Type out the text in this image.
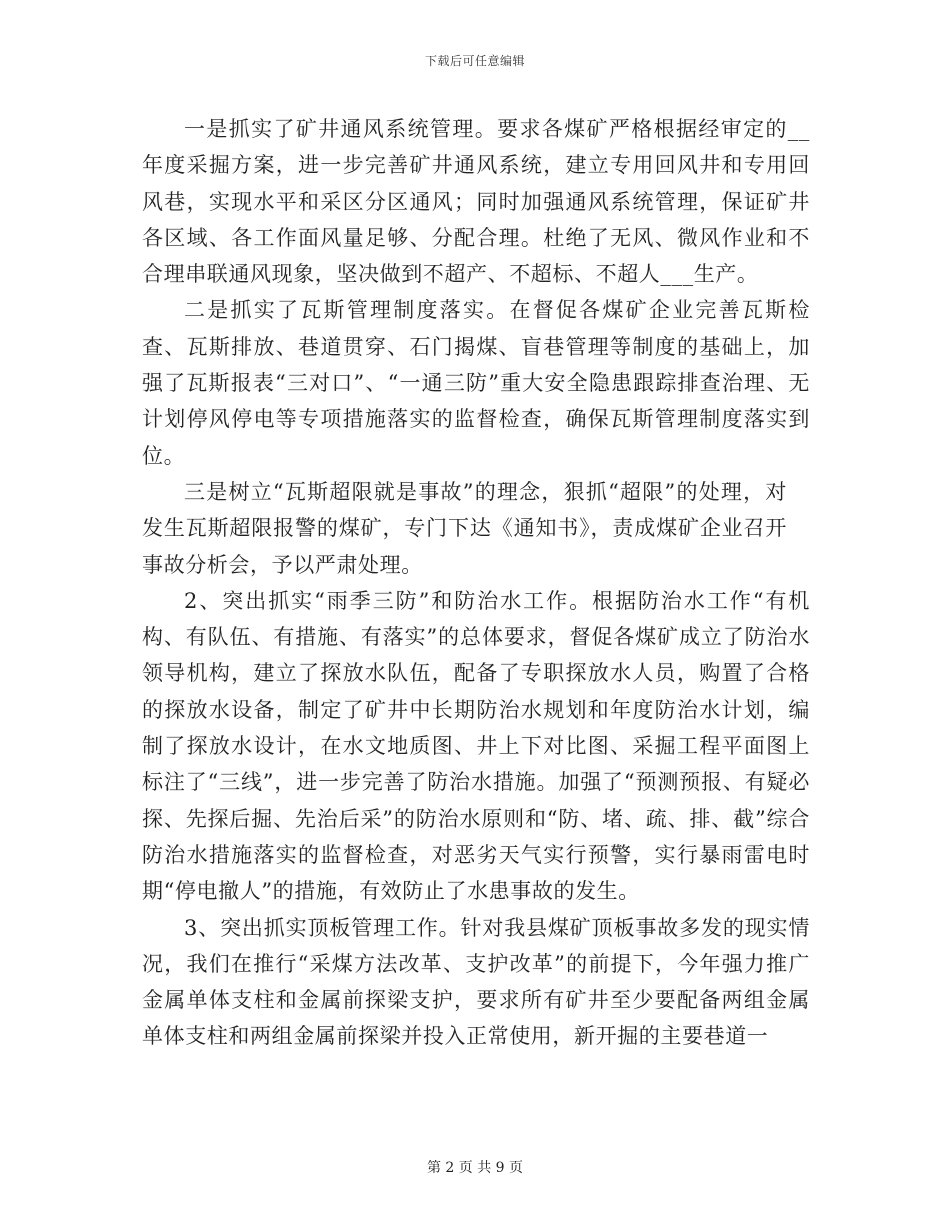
下载后可任意编辑

一是抓实了矿井通风系统管理。要求各煤矿严格根据经审定的__年度采掘方案，进一步完善矿井通风系统，建立专用回风井和专用回风巷，实现水平和采区分区通风；同时加强通风系统管理，保证矿井各区域、各工作面风量足够、分配合理。杜绝了无风、微风作业和不合理串联通风现象，坚决做到不超产、不超标、不超人___生产。

二是抓实了瓦斯管理制度落实。在督促各煤矿企业完善瓦斯检查、瓦斯排放、巷道贯穿、石门揭煤、盲巷管理等制度的基础上，加强了瓦斯报表“三对口”、“一通三防”重大安全隐患跟踪排查治理、无计划停风停电等专项措施落实的监督检查，确保瓦斯管理制度落实到位。

三是树立“瓦斯超限就是事故”的理念，狠抓“超限”的处理，对发生瓦斯超限报警的煤矿，专门下达《通知书》，责成煤矿企业召开事故分析会，予以严肃处理。

2、突出抓实“雨季三防”和防治水工作。根据防治水工作“有机构、有队伍、有措施、有落实”的总体要求，督促各煤矿成立了防治水领导机构，建立了探放水队伍，配备了专职探放水人员，购置了合格的探放水设备，制定了矿井中长期防治水规划和年度防治水计划，编制了探放水设计，在水文地质图、井上下对比图、采掘工程平面图上标注了“三线”，进一步完善了防治水措施。加强了“预测预报、有疑必探、先探后掘、先治后采”的防治水原则和“防、堵、疏、排、截”综合防治水措施落实的监督检查，对恶劣天气实行预警，实行暴雨雷电时期“停电撤人”的措施，有效防止了水患事故的发生。

3、突出抓实顶板管理工作。针对我县煤矿顶板事故多发的现实情况，我们在推行“采煤方法改革、支护改革”的前提下，今年强力推广金属单体支柱和金属前探梁支护，要求所有矿井至少要配备两组金属单体支柱和两组金属前探梁并投入正常使用，新开掘的主要巷道一

第 2 页 共 9 页
